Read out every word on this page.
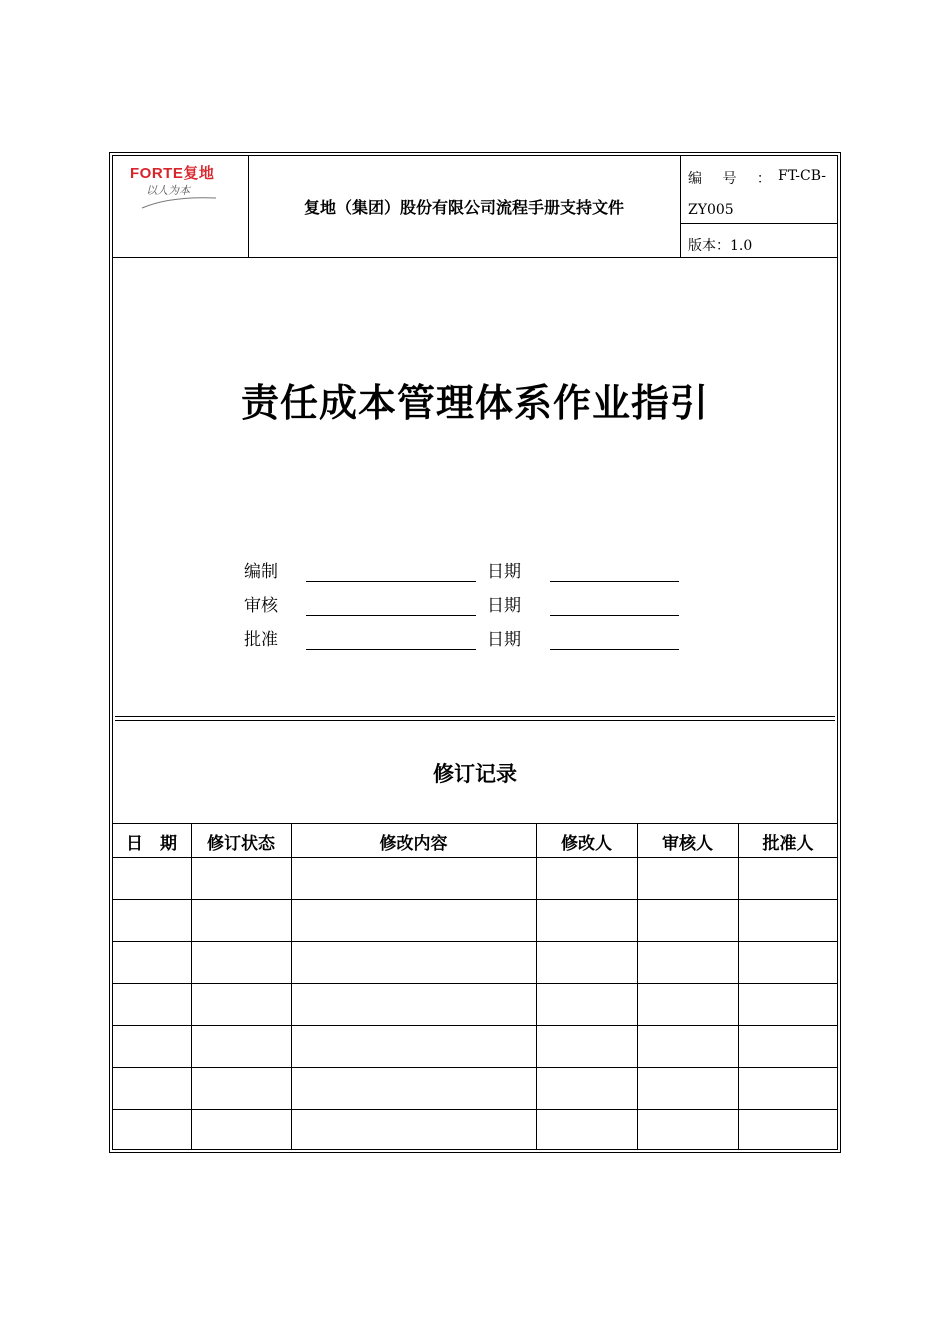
FORTE复地
以人为本
复地（集团）股份有限公司流程手册支持文件
编 号 ： FT-CB-
ZY005
版本：1.0
责任成本管理体系作业指引
编制	日期
审核	日期
批准	日期
修订记录
日　期	修订状态	修改内容	修改人	审核人	批准人
